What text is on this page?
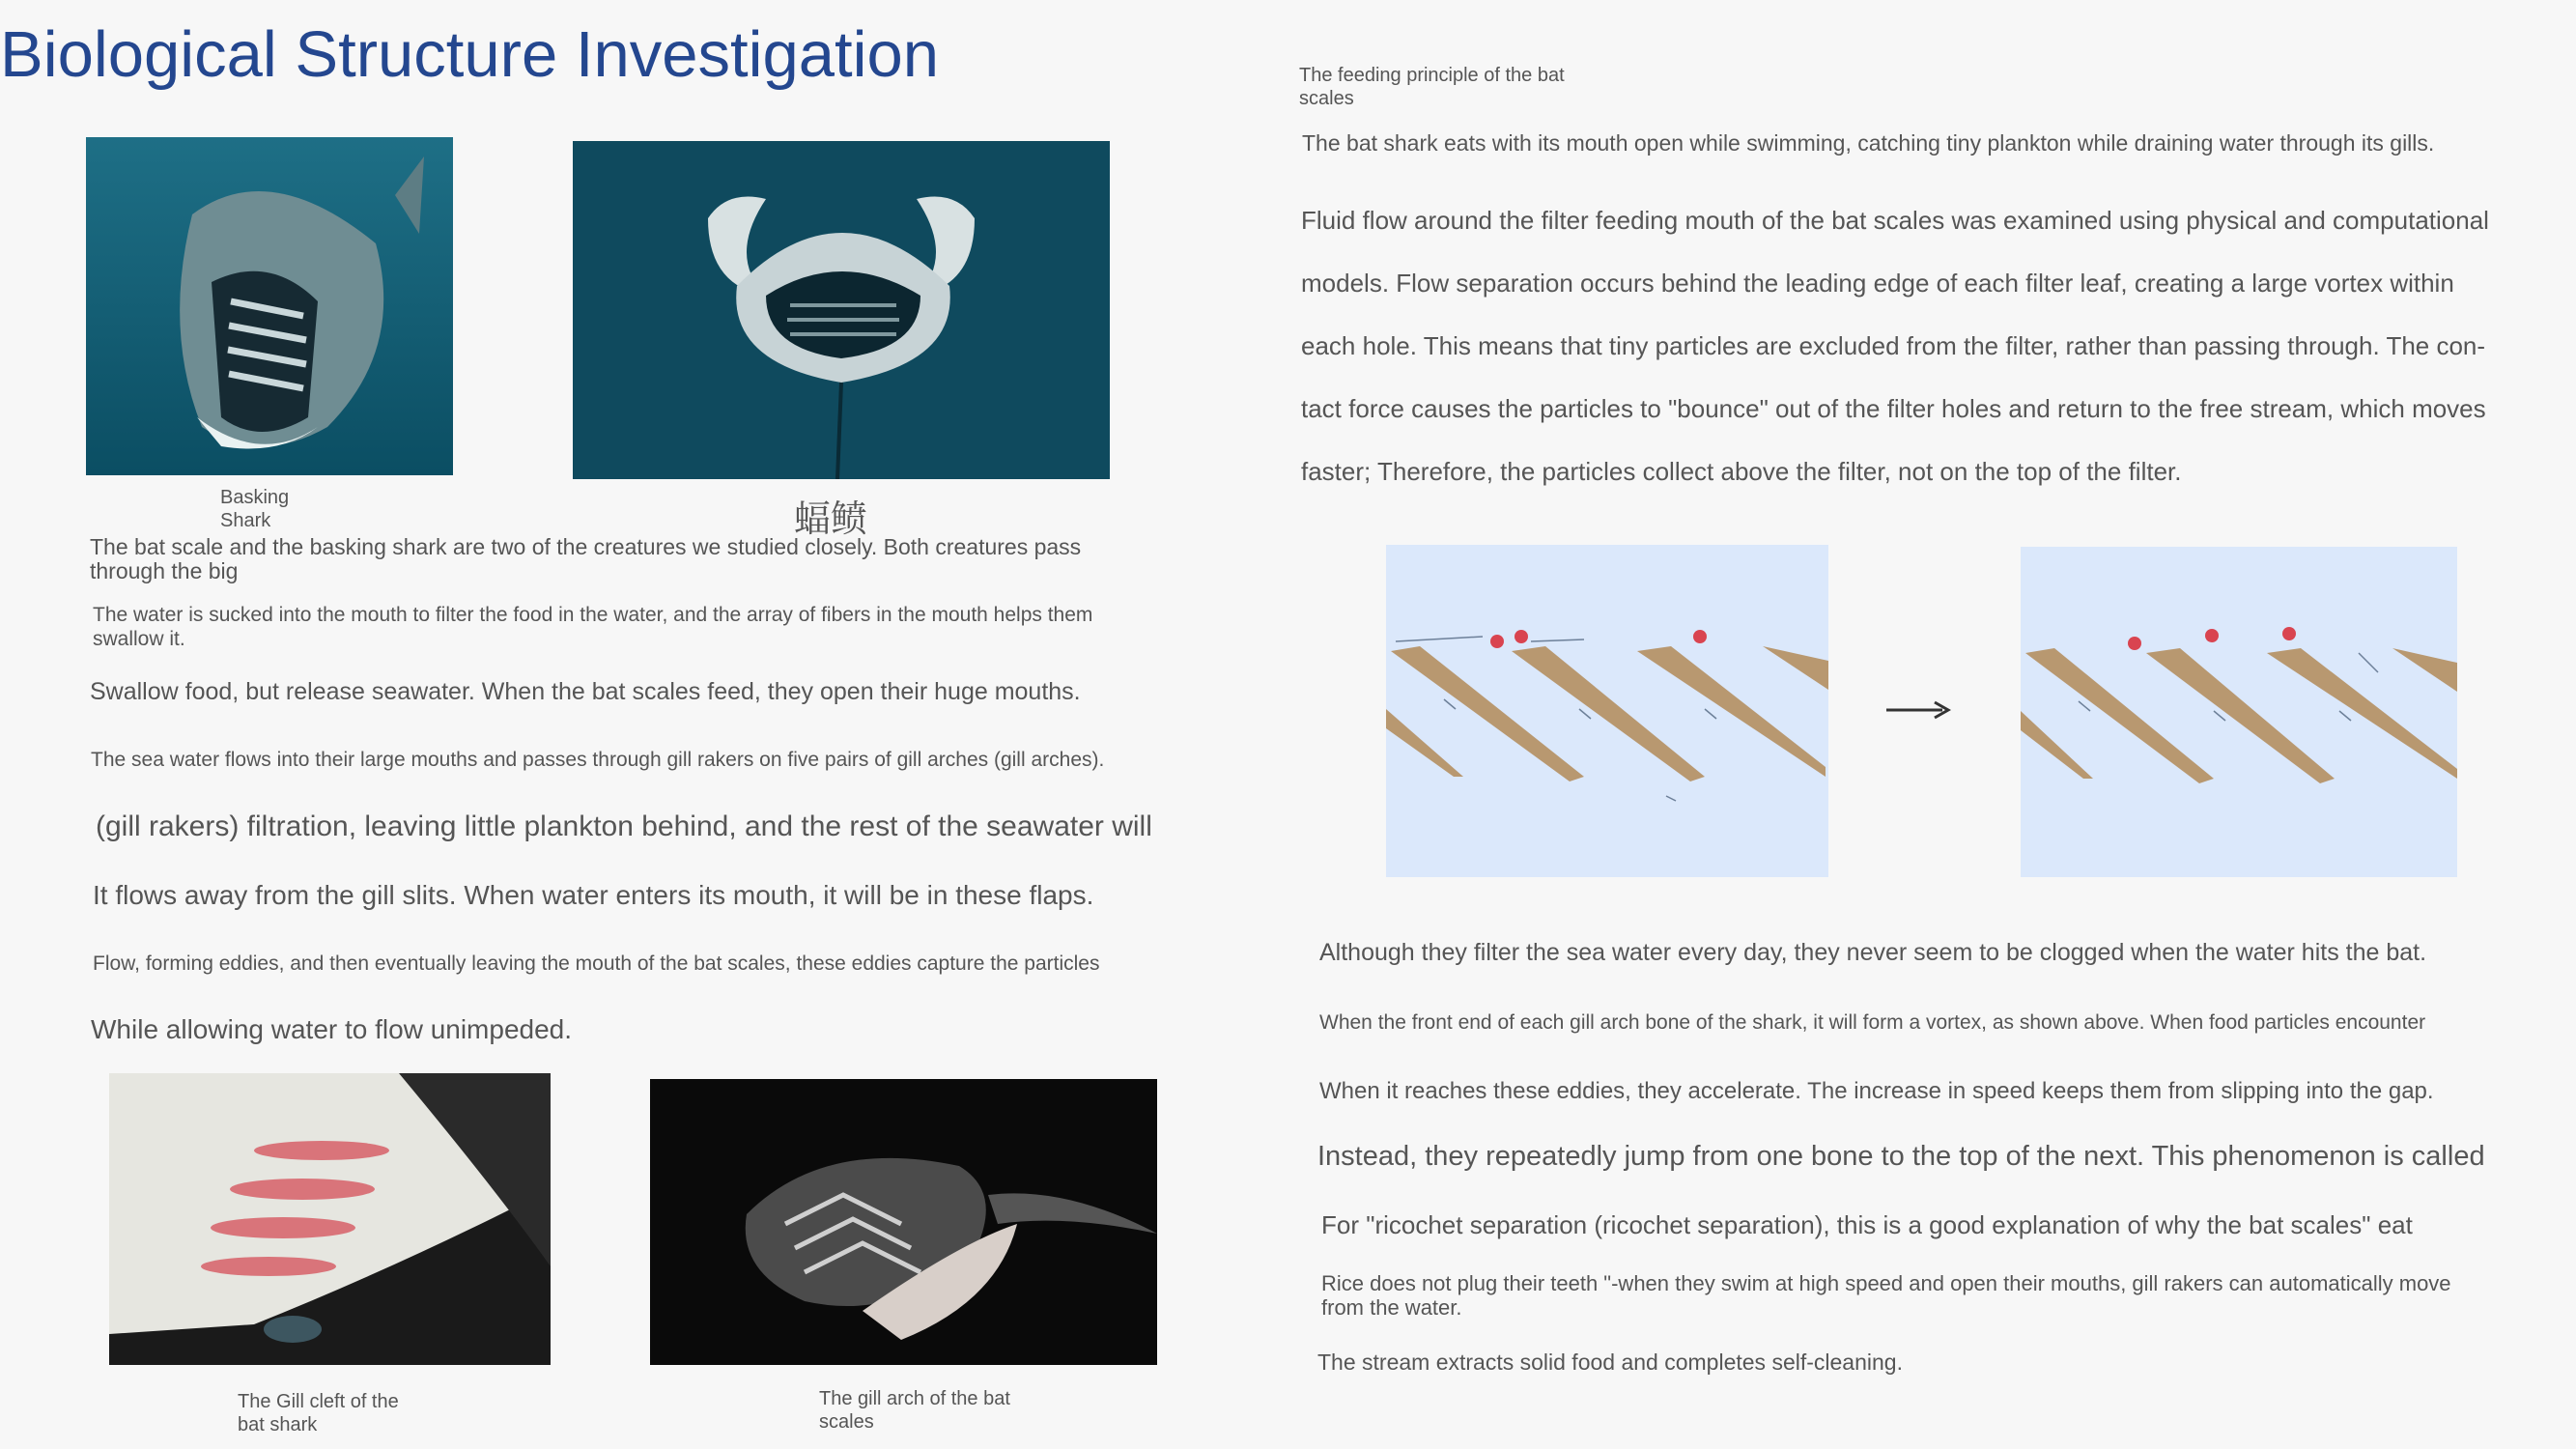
Biological Structure Investigation
Basking Shark	蝠鲼
The bat scale and the basking shark are two of the creatures we studied closely. Both creatures pass through the big
The water is sucked into the mouth to filter the food in the water, and the array of fibers in the mouth helps them swallow it.
Swallow food, but release seawater. When the bat scales feed, they open their huge mouths.
The sea water flows into their large mouths and passes through gill rakers on five pairs of gill arches (gill arches).
(gill rakers) filtration, leaving little plankton behind, and the rest of the seawater will
It flows away from the gill slits. When water enters its mouth, it will be in these flaps.
Flow, forming eddies, and then eventually leaving the mouth of the bat scales, these eddies capture the particles
While allowing water to flow unimpeded.
The Gill cleft of the bat shark
The gill arch of the bat scales
The feeding principle of the bat scales
The bat shark eats with its mouth open while swimming, catching tiny plankton while draining water through its gills.
Fluid flow around the filter feeding mouth of the bat scales was examined using physical and computational
models. Flow separation occurs behind the leading edge of each filter leaf, creating a large vortex within
each hole. This means that tiny particles are excluded from the filter, rather than passing through. The con-
tact force causes the particles to "bounce" out of the filter holes and return to the free stream, which moves
faster; Therefore, the particles collect above the filter, not on the top of the filter.
Although they filter the sea water every day, they never seem to be clogged when the water hits the bat.
When the front end of each gill arch bone of the shark, it will form a vortex, as shown above. When food particles encounter
When it reaches these eddies, they accelerate. The increase in speed keeps them from slipping into the gap.
Instead, they repeatedly jump from one bone to the top of the next. This phenomenon is called
For "ricochet separation (ricochet separation), this is a good explanation of why the bat scales" eat
Rice does not plug their teeth "-when they swim at high speed and open their mouths, gill rakers can automatically move from the water.
The stream extracts solid food and completes self-cleaning.
